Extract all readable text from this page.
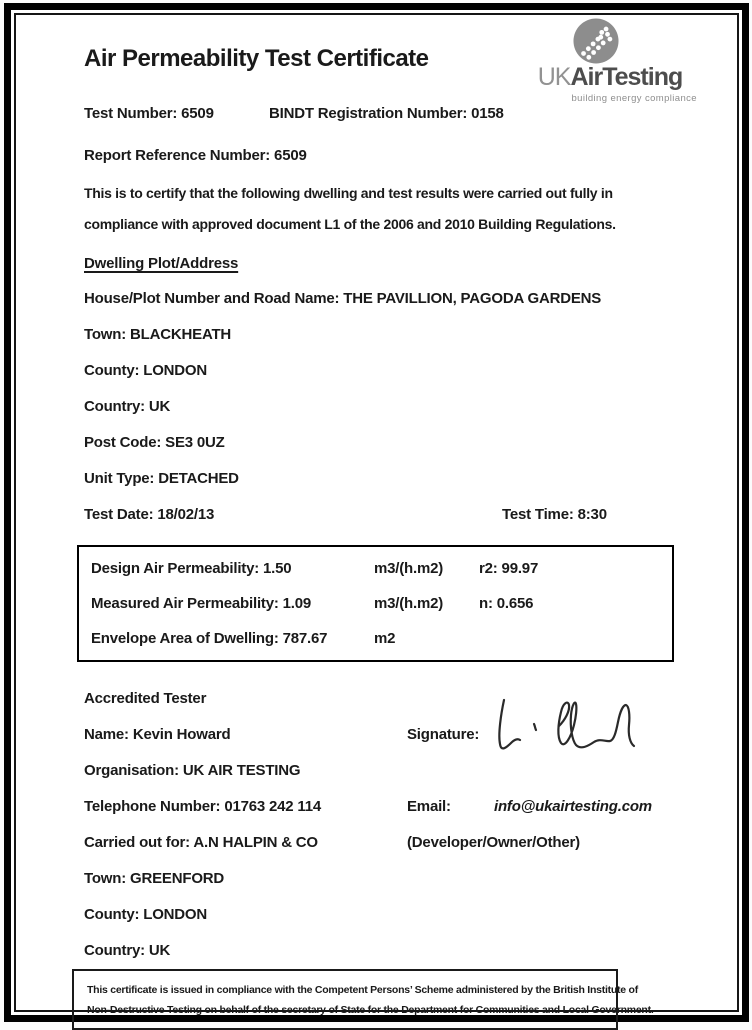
Air Permeability Test Certificate
UKAirTesting
building energy compliance
Test Number: 6509	BINDT Registration Number: 0158
Report Reference Number: 6509
This is to certify that the following dwelling and test results were carried out fully in
compliance with approved document L1 of the 2006 and 2010 Building Regulations.
Dwelling Plot/Address
House/Plot Number and Road Name: THE PAVILLION, PAGODA GARDENS
Town: BLACKHEATH
County: LONDON
Country: UK
Post Code: SE3 0UZ
Unit Type: DETACHED
Test Date: 18/02/13	Test Time: 8:30
Design Air Permeability: 1.50	m3/(h.m2) r2: 99.97
Measured Air Permeability: 1.09	m3/(h.m2) n: 0.656
Envelope Area of Dwelling: 787.67	m2
Accredited Tester
Name: Kevin Howard	Signature:
Organisation: UK AIR TESTING
Telephone Number: 01763 242 114	Email:	info@ukairtesting.com
Carried out for: A.N HALPIN & CO	(Developer/Owner/Other)
Town: GREENFORD
County: LONDON
Country: UK
This certificate is issued in compliance with the Competent Persons’ Scheme administered by the British Institute of
Non-Destructive Testing on behalf of the secretary of State for the Department for Communities and Local Government.
